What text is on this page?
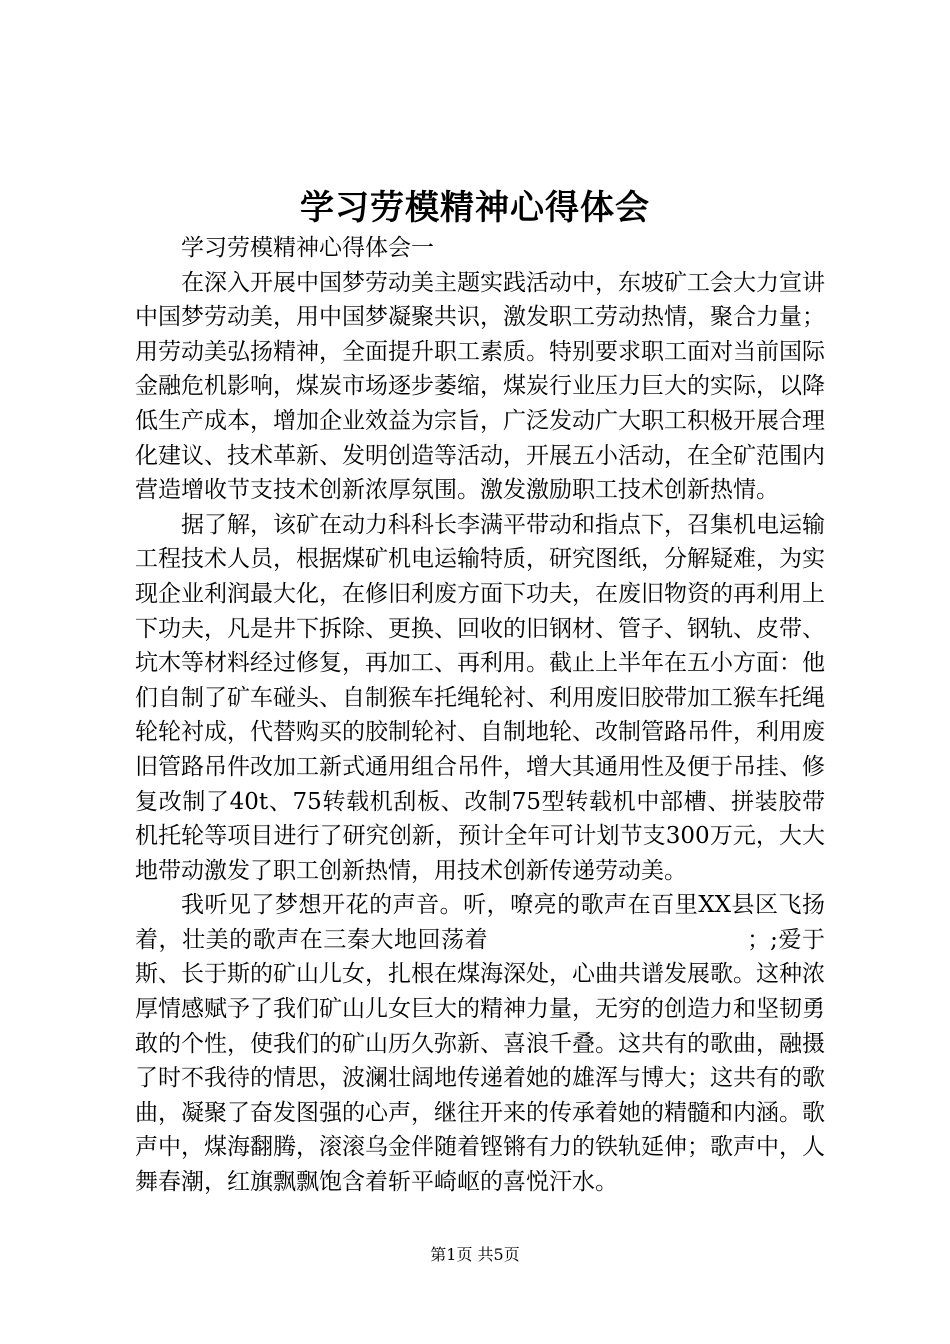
学习劳模精神心得体会

学习劳模精神心得体会一

在深入开展中国梦劳动美主题实践活动中，东坡矿工会大力宣讲中国梦劳动美，用中国梦凝聚共识，激发职工劳动热情，聚合力量；用劳动美弘扬精神，全面提升职工素质。特别要求职工面对当前国际金融危机影响，煤炭市场逐步萎缩，煤炭行业压力巨大的实际，以降低生产成本，增加企业效益为宗旨，广泛发动广大职工积极开展合理化建议、技术革新、发明创造等活动，开展五小活动，在全矿范围内营造增收节支技术创新浓厚氛围。激发激励职工技术创新热情。

据了解，该矿在动力科科长李满平带动和指点下，召集机电运输工程技术人员，根据煤矿机电运输特质，研究图纸，分解疑难，为实现企业利润最大化，在修旧利废方面下功夫，在废旧物资的再利用上下功夫，凡是井下拆除、更换、回收的旧钢材、管子、钢轨、皮带、坑木等材料经过修复，再加工、再利用。截止上半年在五小方面：他们自制了矿车碰头、自制猴车托绳轮衬、利用废旧胶带加工猴车托绳轮轮衬成，代替购买的胶制轮衬、自制地轮、改制管路吊件，利用废旧管路吊件改加工新式通用组合吊件，增大其通用性及便于吊挂、修复改制了40t、75转载机刮板、改制75型转载机中部槽、拼装胶带机托轮等项目进行了研究创新，预计全年可计划节支300万元，大大地带动激发了职工创新热情，用技术创新传递劳动美。

我听见了梦想开花的声音。听，嘹亮的歌声在百里XX县区飞扬着，壮美的歌声在三秦大地回荡着　　　　　　　　　　　；;爱于斯、长于斯的矿山儿女，扎根在煤海深处，心曲共谱发展歌。这种浓厚情感赋予了我们矿山儿女巨大的精神力量，无穷的创造力和坚韧勇敢的个性，使我们的矿山历久弥新、喜浪千叠。这共有的歌曲，融摄了时不我待的情思，波澜壮阔地传递着她的雄浑与博大；这共有的歌曲，凝聚了奋发图强的心声，继往开来的传承着她的精髓和内涵。歌声中，煤海翻腾，滚滚乌金伴随着铿锵有力的铁轨延伸；歌声中，人舞春潮，红旗飘飘饱含着斩平崎岖的喜悦汗水。

第1页 共5页
